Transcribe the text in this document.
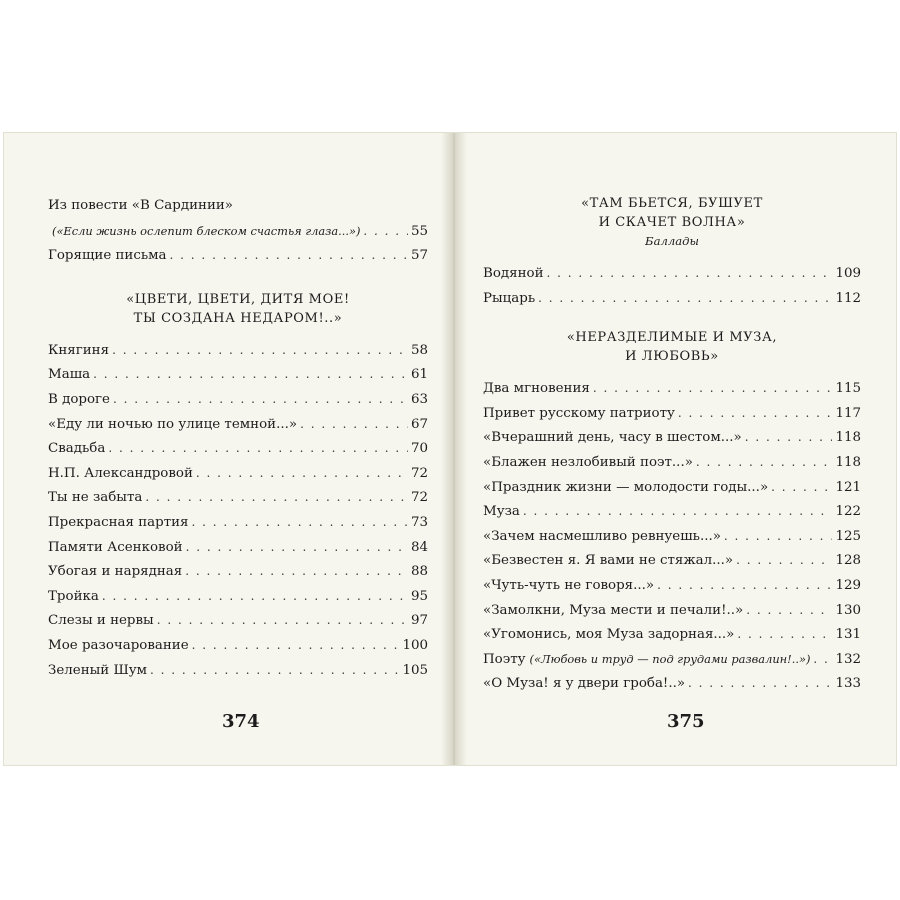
Из повести «В Сардинии»
(«Если жизнь ослепит блеском счастья глаза...») . . .	55
Горящие письма . . .	57
«ЦВЕТИ, ЦВЕТИ, ДИТЯ МОЕ!
ТЫ СОЗДАНА НЕДАРОМ!..»
Княгиня . . .	58
Маша . . .	61
В дороге . . .	63
«Еду ли ночью по улице темной...» . . .	67
Свадьба . . .	70
Н.П. Александровой . . .	72
Ты не забыта . . .	72
Прекрасная партия . . .	73
Памяти Асенковой . . .	84
Убогая и нарядная . . .	88
Тройка . . .	95
Слезы и нервы . . .	97
Мое разочарование . . .	100
Зеленый Шум . . .	105
374
«ТАМ БЬЕТСЯ, БУШУЕТ
И СКАЧЕТ ВОЛНА»
Баллады
Водяной . . .	109
Рыцарь . . .	112
«НЕРАЗДЕЛИМЫЕ И МУЗА,
И ЛЮБОВЬ»
Два мгновения . . .	115
Привет русскому патриоту . . .	117
«Вчерашний день, часу в шестом...» . . .	118
«Блажен незлобивый поэт...» . . .	118
«Праздник жизни — молодости годы...» . . .	121
Муза . . .	122
«Зачем насмешливо ревнуешь...» . . .	125
«Безвестен я. Я вами не стяжал...» . . .	128
«Чуть-чуть не говоря...» . . .	129
«Замолкни, Муза мести и печали!..» . . .	130
«Угомонись, моя Муза задорная...» . . .	131
Поэту («Любовь и труд — под грудами развалин!..») . . . 132
«О Муза! я у двери гроба!..» . . .	133
375
